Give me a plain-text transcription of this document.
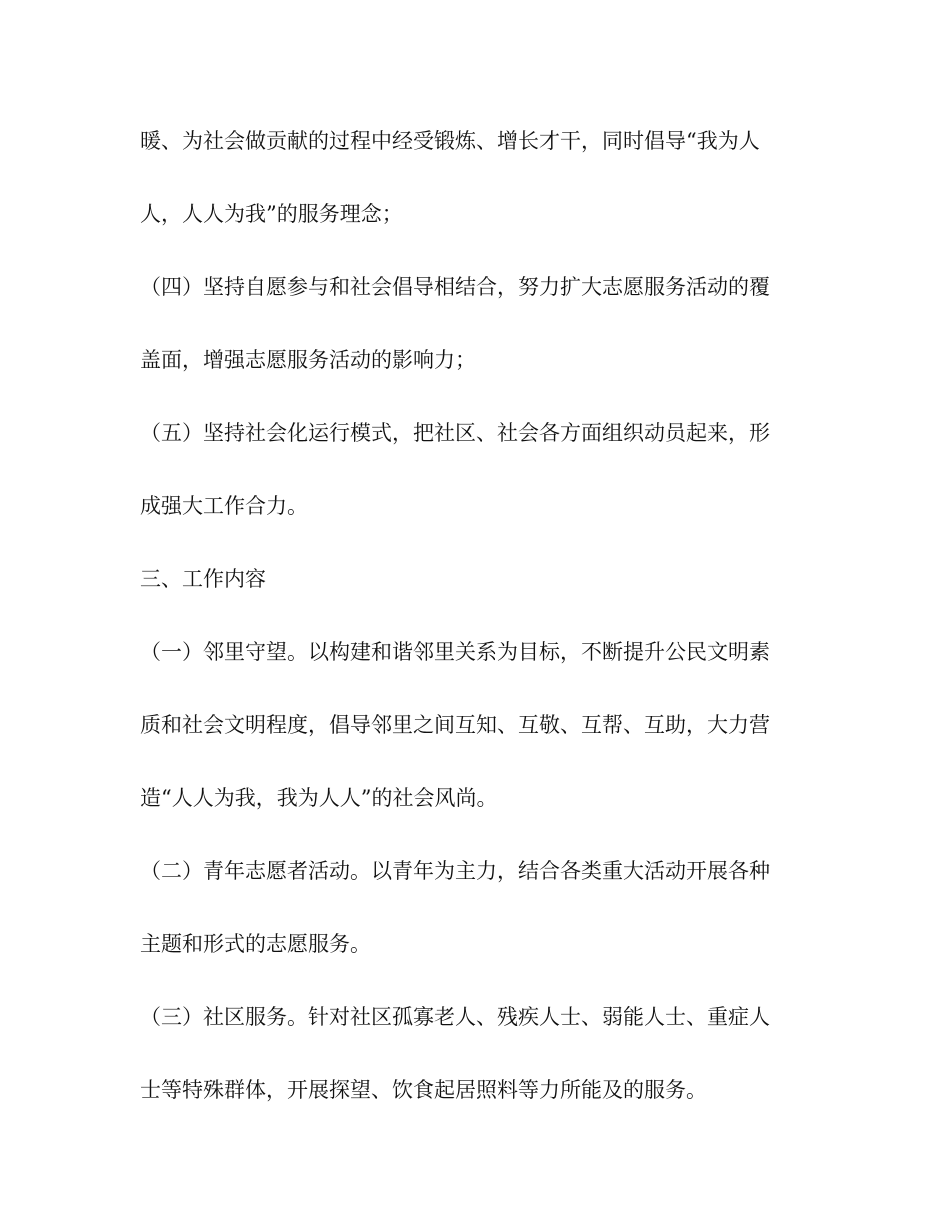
暖、为社会做贡献的过程中经受锻炼、增长才干，同时倡导“我为人
人，人人为我”的服务理念；
（四）坚持自愿参与和社会倡导相结合，努力扩大志愿服务活动的覆
盖面，增强志愿服务活动的影响力；
（五）坚持社会化运行模式，把社区、社会各方面组织动员起来，形
成强大工作合力。
三、工作内容
（一）邻里守望。以构建和谐邻里关系为目标，不断提升公民文明素
质和社会文明程度，倡导邻里之间互知、互敬、互帮、互助，大力营
造“人人为我，我为人人”的社会风尚。
（二）青年志愿者活动。以青年为主力，结合各类重大活动开展各种
主题和形式的志愿服务。
（三）社区服务。针对社区孤寡老人、残疾人士、弱能人士、重症人
士等特殊群体，开展探望、饮食起居照料等力所能及的服务。
